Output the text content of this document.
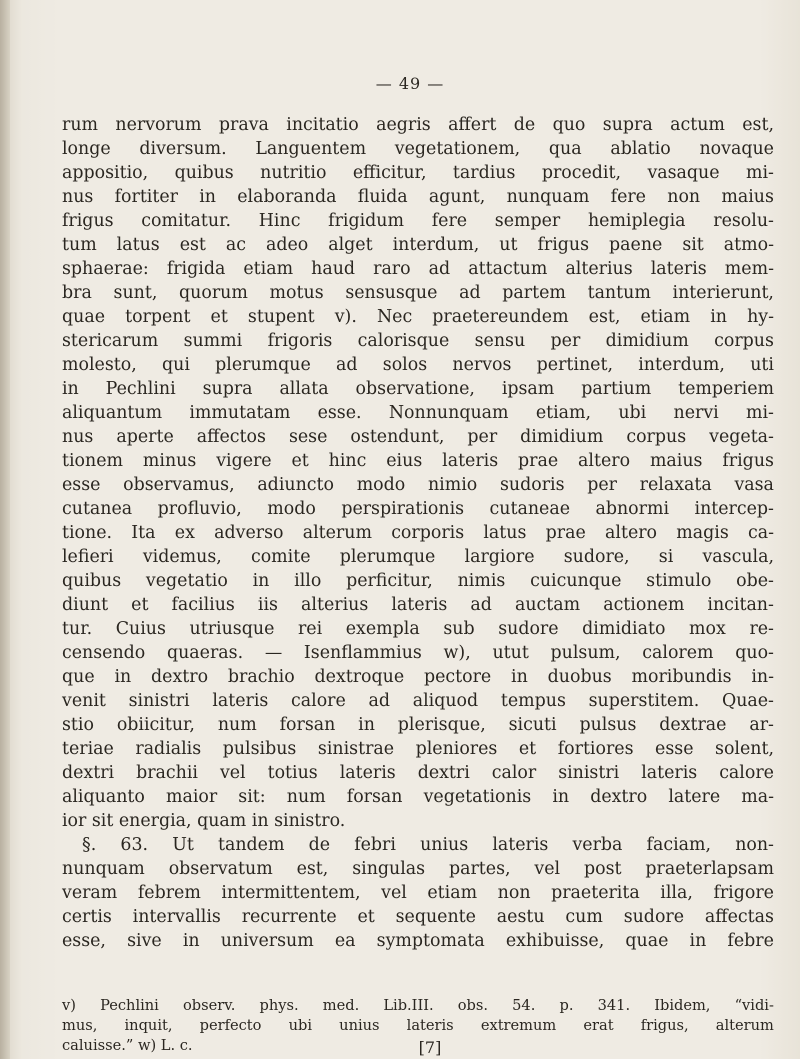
— 49 —
rum nervorum prava incitatio aegris affert de quo supra actum est,
longe diversum. Languentem vegetationem, qua ablatio novaque
appositio, quibus nutritio efficitur, tardius procedit, vasaque mi-
nus fortiter in elaboranda fluida agunt, nunquam fere non maius
frigus comitatur. Hinc frigidum fere semper hemiplegia resolu-
tum latus est ac adeo alget interdum, ut frigus paene sit atmo-
sphaerae: frigida etiam haud raro ad attactum alterius lateris mem-
bra sunt, quorum motus sensusque ad partem tantum interierunt,
quae torpent et stupent v). Nec praetereundem est, etiam in hy-
stericarum summi frigoris calorisque sensu per dimidium corpus
molesto, qui plerumque ad solos nervos pertinet, interdum, uti
in Pechlini supra allata observatione, ipsam partium temperiem
aliquantum immutatam esse. Nonnunquam etiam, ubi nervi mi-
nus aperte affectos sese ostendunt, per dimidium corpus vegeta-
tionem minus vigere et hinc eius lateris prae altero maius frigus
esse observamus, adiuncto modo nimio sudoris per relaxata vasa
cutanea profluvio, modo perspirationis cutaneae abnormi intercep-
tione. Ita ex adverso alterum corporis latus prae altero magis ca-
lefieri videmus, comite plerumque largiore sudore, si vascula,
quibus vegetatio in illo perficitur, nimis cuicunque stimulo obe-
diunt et facilius iis alterius lateris ad auctam actionem incitan-
tur. Cuius utriusque rei exempla sub sudore dimidiato mox re-
censendo quaeras. — Isenflammius w), utut pulsum, calorem quo-
que in dextro brachio dextroque pectore in duobus moribundis in-
venit sinistri lateris calore ad aliquod tempus superstitem. Quae-
stio obiicitur, num forsan in plerisque, sicuti pulsus dextrae ar-
teriae radialis pulsibus sinistrae pleniores et fortiores esse solent,
dextri brachii vel totius lateris dextri calor sinistri lateris calore
aliquanto maior sit: num forsan vegetationis in dextro latere ma-
ior sit energia, quam in sinistro.
§. 63. Ut tandem de febri unius lateris verba faciam, non-
nunquam observatum est, singulas partes, vel post praeterlapsam
veram febrem intermittentem, vel etiam non praeterita illa, frigore
certis intervallis recurrente et sequente aestu cum sudore affectas
esse, sive in universum ea symptomata exhibuisse, quae in febre
v) Pechlini observ. phys. med. Lib.III. obs. 54. p. 341. Ibidem, “vidi-
mus, inquit, perfecto ubi unius lateris extremum erat frigus, alterum
caluisse.” w) L. c.	[7]
